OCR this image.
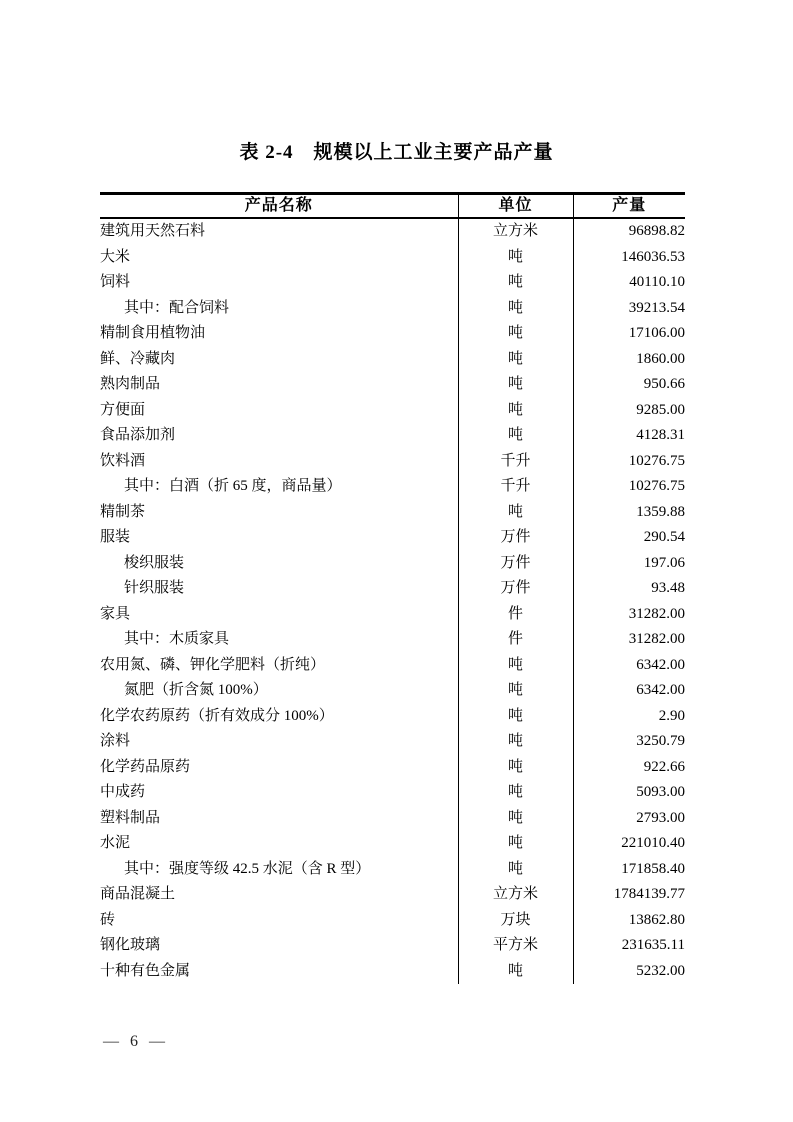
表 2-4　规模以上工业主要产品产量
产品名称	单位	产量
建筑用天然石料	立方米	96898.82
大米	吨	146036.53
饲料	吨	40110.10
其中：配合饲料	吨	39213.54
精制食用植物油	吨	17106.00
鲜、冷藏肉	吨	1860.00
熟肉制品	吨	950.66
方便面	吨	9285.00
食品添加剂	吨	4128.31
饮料酒	千升	10276.75
其中：白酒（折 65 度，商品量）	千升	10276.75
精制茶	吨	1359.88
服装	万件	290.54
梭织服装	万件	197.06
针织服装	万件	93.48
家具	件	31282.00
其中：木质家具	件	31282.00
农用氮、磷、钾化学肥料（折纯）	吨	6342.00
氮肥（折含氮 100%）	吨	6342.00
化学农药原药（折有效成分 100%）	吨	2.90
涂料	吨	3250.79
化学药品原药	吨	922.66
中成药	吨	5093.00
塑料制品	吨	2793.00
水泥	吨	221010.40
其中：强度等级 42.5 水泥（含 R 型）	吨	171858.40
商品混凝土	立方米	1784139.77
砖	万块	13862.80
钢化玻璃	平方米	231635.11
十种有色金属	吨	5232.00
— 6 —
